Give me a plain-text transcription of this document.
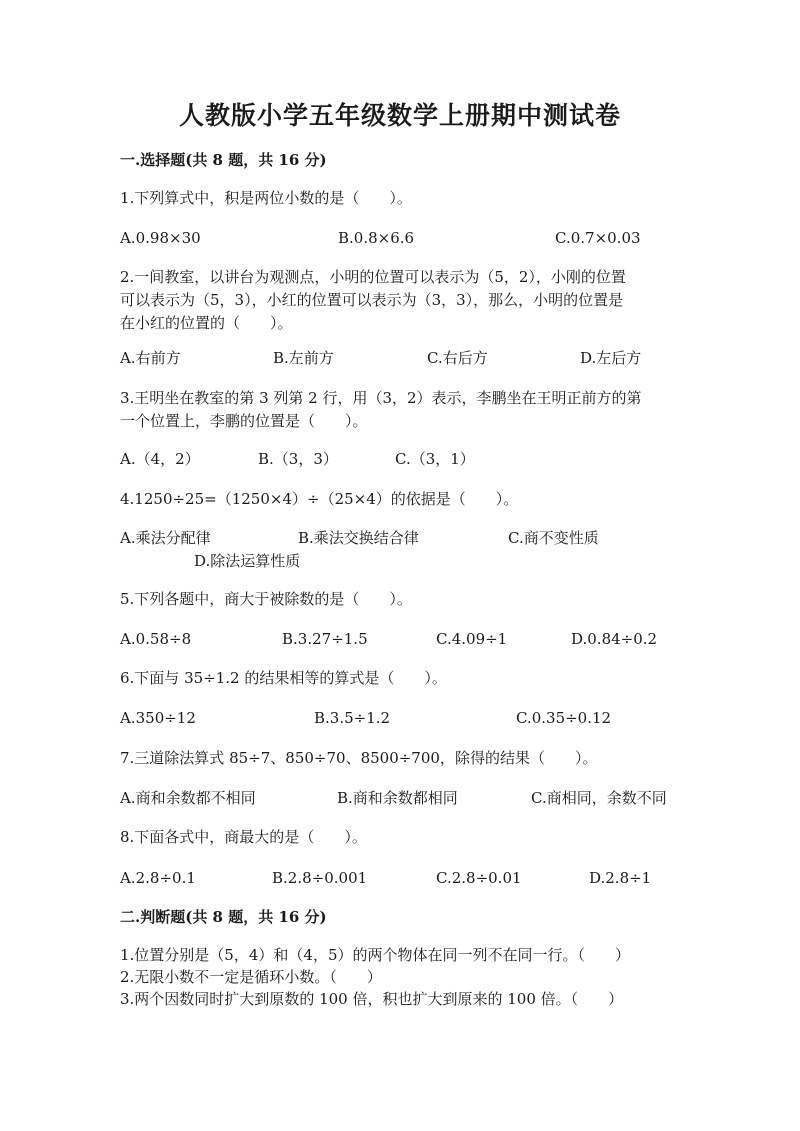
人教版小学五年级数学上册期中测试卷
一.选择题(共 8 题，共 16 分)
1.下列算式中，积是两位小数的是（　　）。
A.0.98×30	B.0.8×6.6	C.0.7×0.03
2.一间教室，以讲台为观测点，小明的位置可以表示为（5，2），小刚的位置
可以表示为（5，3），小红的位置可以表示为（3，3），那么，小明的位置是
在小红的位置的（　　）。
A.右前方	B.左前方	C.右后方	D.左后方
3.王明坐在教室的第 3 列第 2 行，用（3，2）表示，李鹏坐在王明正前方的第
一个位置上，李鹏的位置是（　　）。
A.（4，2）	B.（3，3）	C.（3，1）
4.1250÷25=（1250×4）÷（25×4）的依据是（　　）。
A.乘法分配律	B.乘法交换结合律	C.商不变性质
D.除法运算性质
5.下列各题中，商大于被除数的是（　　）。
A.0.58÷8	B.3.27÷1.5	C.4.09÷1	D.0.84÷0.2
6.下面与 35÷1.2 的结果相等的算式是（　　）。
A.350÷12	B.3.5÷1.2	C.0.35÷0.12
7.三道除法算式 85÷7、850÷70、8500÷700，除得的结果（　　）。
A.商和余数都不相同	B.商和余数都相同	C.商相同，余数不同
8.下面各式中，商最大的是（　　）。
A.2.8÷0.1	B.2.8÷0.001	C.2.8÷0.01	D.2.8÷1
二.判断题(共 8 题，共 16 分)
1.位置分别是（5，4）和（4，5）的两个物体在同一列不在同一行。（　　）
2.无限小数不一定是循环小数。（　　）
3.两个因数同时扩大到原数的 100 倍，积也扩大到原来的 100 倍。（　　）
